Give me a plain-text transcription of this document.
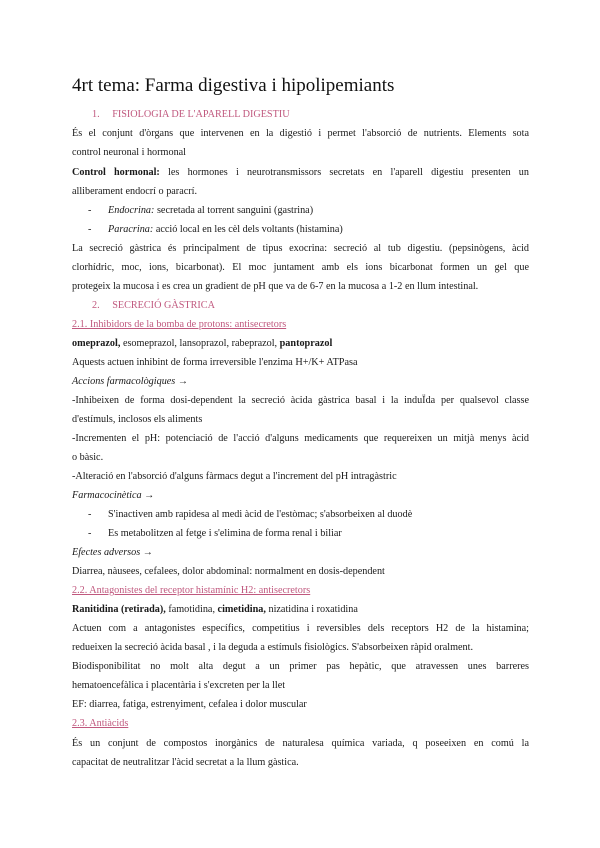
4rt tema: Farma digestiva i hipolipemiants
1. FISIOLOGIA DE L'APARELL DIGESTIU
És el conjunt d'òrgans que intervenen en la digestió i permet l'absorció de nutrients. Elements sota
control neuronal i hormonal
Control hormonal: les hormones i neurotransmissors secretats en l'aparell digestiu presenten un
alliberament endocrí o paracrí.
- Endocrina: secretada al torrent sanguini (gastrina)
- Paracrina: acció local en les cèl dels voltants (histamina)
La secreció gàstrica és principalment de tipus exocrina: secreció al tub digestiu. (pepsinògens, àcid
clorhídric, moc, ions, bicarbonat). El moc juntament amb els ions bicarbonat formen un gel que
protegeix la mucosa i es crea un gradient de pH que va de 6-7 en la mucosa a 1-2 en llum intestinal.
2. SECRECIÓ GÀSTRICA
2.1. Inhibidors de la bomba de protons: antisecretors
omeprazol, esomeprazol, lansoprazol, rabeprazol, pantoprazol
Aquests actuen inhibint de forma irreversible l'enzima H+/K+ ATPasa
Accions farmacològiques →
-Inhibeixen de forma dosi-dependent la secreció àcida gàstrica basal i la induÏda per qualsevol classe
d'estímuls, inclosos els aliments
-Incrementen el pH: potenciació de l'acció d'alguns medicaments que requereixen un mitjà menys àcid
o bàsic.
-Alteració en l'absorció d'alguns fàrmacs degut a l'increment del pH intragàstric
Farmacocinètica →
- S'inactiven amb rapidesa al medi àcid de l'estòmac; s'absorbeixen al duodè
- Es metabolitzen al fetge i s'elimina de forma renal i biliar
Efectes adversos →
Diarrea, nàusees, cefalees, dolor abdominal: normalment en dosis-dependent
2.2. Antagonistes del receptor histamínic H2: antisecretors
Ranitidina (retirada), famotidina, cimetidina, nizatidina i roxatidina
Actuen com a antagonistes específics, competitius i reversibles dels receptors H2 de la histamina;
redueixen la secreció àcida basal , i la deguda a estímuls fisiològics. S'absorbeixen ràpid oralment.
Biodisponibilitat no molt alta degut a un primer pas hepàtic, que atravessen unes barreres
hematoencefàlica i placentària i s'excreten per la llet
EF: diarrea, fatiga, estrenyiment, cefalea i dolor muscular
2.3. Antiàcids
És un conjunt de compostos inorgànics de naturalesa química variada, q poseeixen en comú la
capacitat de neutralitzar l'àcid secretat a la llum gàstica.
